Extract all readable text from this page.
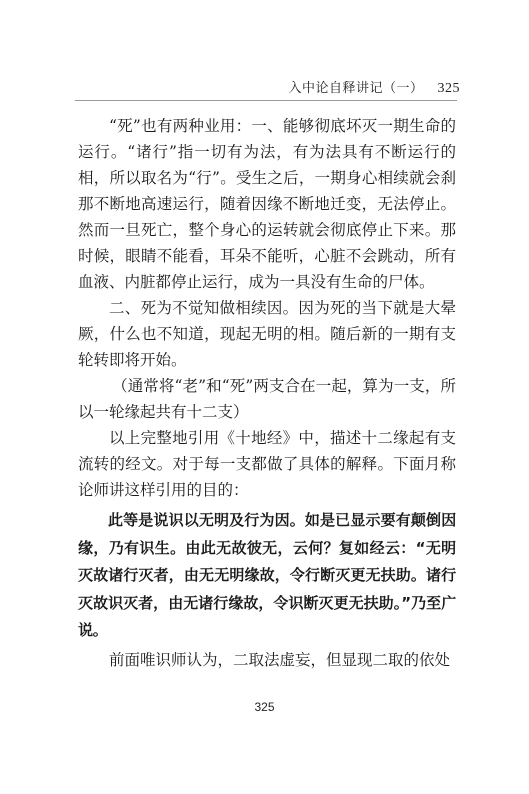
入中论自释讲记（一） 325

“死”也有两种业用：一、能够彻底坏灭一期生命的运行。“诸行”指一切有为法，有为法具有不断运行的相，所以取名为“行”。受生之后，一期身心相续就会刹那不断地高速运行，随着因缘不断地迁变，无法停止。然而一旦死亡，整个身心的运转就会彻底停止下来。那时候，眼睛不能看，耳朵不能听，心脏不会跳动，所有血液、内脏都停止运行，成为一具没有生命的尸体。

二、死为不觉知做相续因。因为死的当下就是大晕厥，什么也不知道，现起无明的相。随后新的一期有支轮转即将开始。

（通常将“老”和“死”两支合在一起，算为一支，所以一轮缘起共有十二支）

以上完整地引用《十地经》中，描述十二缘起有支流转的经文。对于每一支都做了具体的解释。下面月称论师讲这样引用的目的：

此等是说识以无明及行为因。如是已显示要有颠倒因缘，乃有识生。由此无故彼无，云何？复如经云：“无明灭故诸行灭者，由无无明缘故，令行断灭更无扶助。诸行灭故识灭者，由无诸行缘故，令识断灭更无扶助。”乃至广说。

前面唯识师认为，二取法虚妄，但显现二取的依处

325
